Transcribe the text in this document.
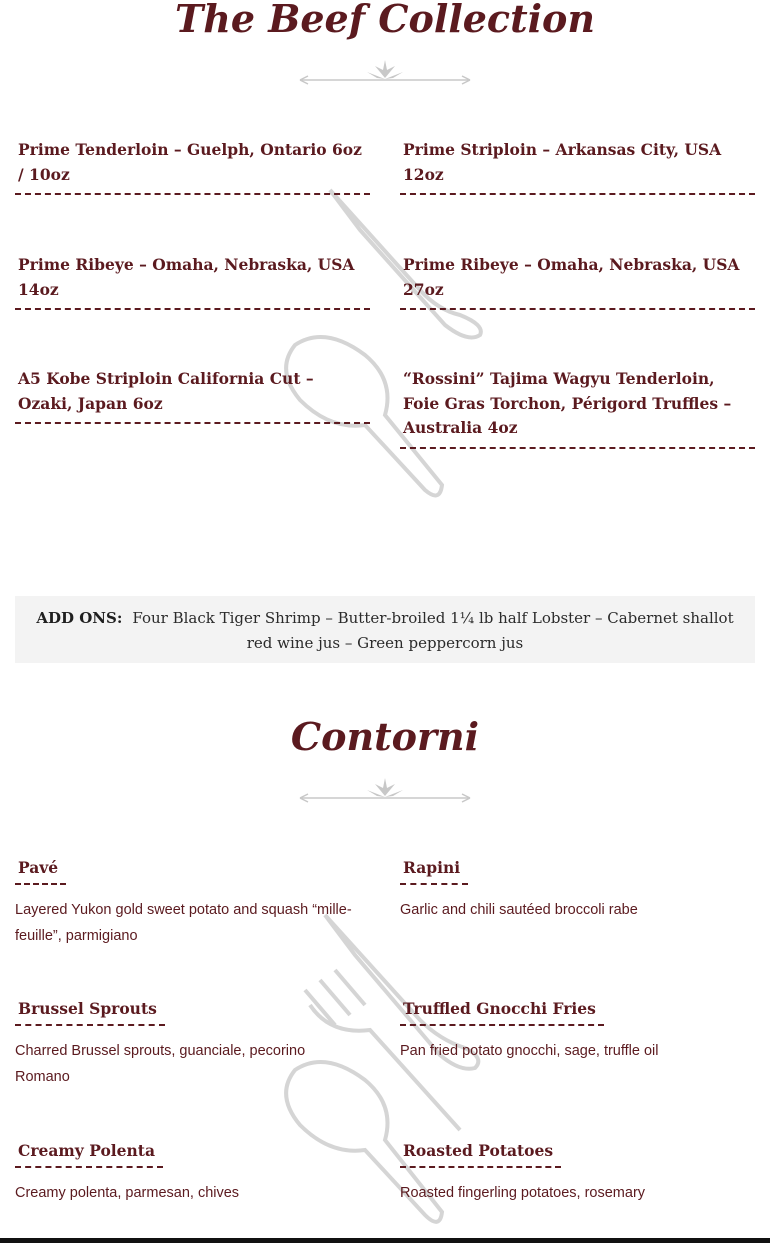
The Beef Collection
Prime Tenderloin – Guelph, Ontario 6oz / 10oz
Prime Striploin – Arkansas City, USA 12oz
Prime Ribeye – Omaha, Nebraska, USA 14oz
Prime Ribeye – Omaha, Nebraska, USA 27oz
A5 Kobe Striploin California Cut – Ozaki, Japan 6oz
“Rossini” Tajima Wagyu Tenderloin, Foie Gras Torchon, Périgord Truffles – Australia 4oz
ADD ONS: Four Black Tiger Shrimp – Butter-broiled 1¼ lb half Lobster – Cabernet shallot red wine jus – Green peppercorn jus
Contorni
Pavé
Layered Yukon gold sweet potato and squash “mille-feuille”, parmigiano
Rapini
Garlic and chili sautéed broccoli rabe
Brussel Sprouts
Charred Brussel sprouts, guanciale, pecorino Romano
Truffled Gnocchi Fries
Pan fried potato gnocchi, sage, truffle oil
Creamy Polenta
Creamy polenta, parmesan, chives
Roasted Potatoes
Roasted fingerling potatoes, rosemary
